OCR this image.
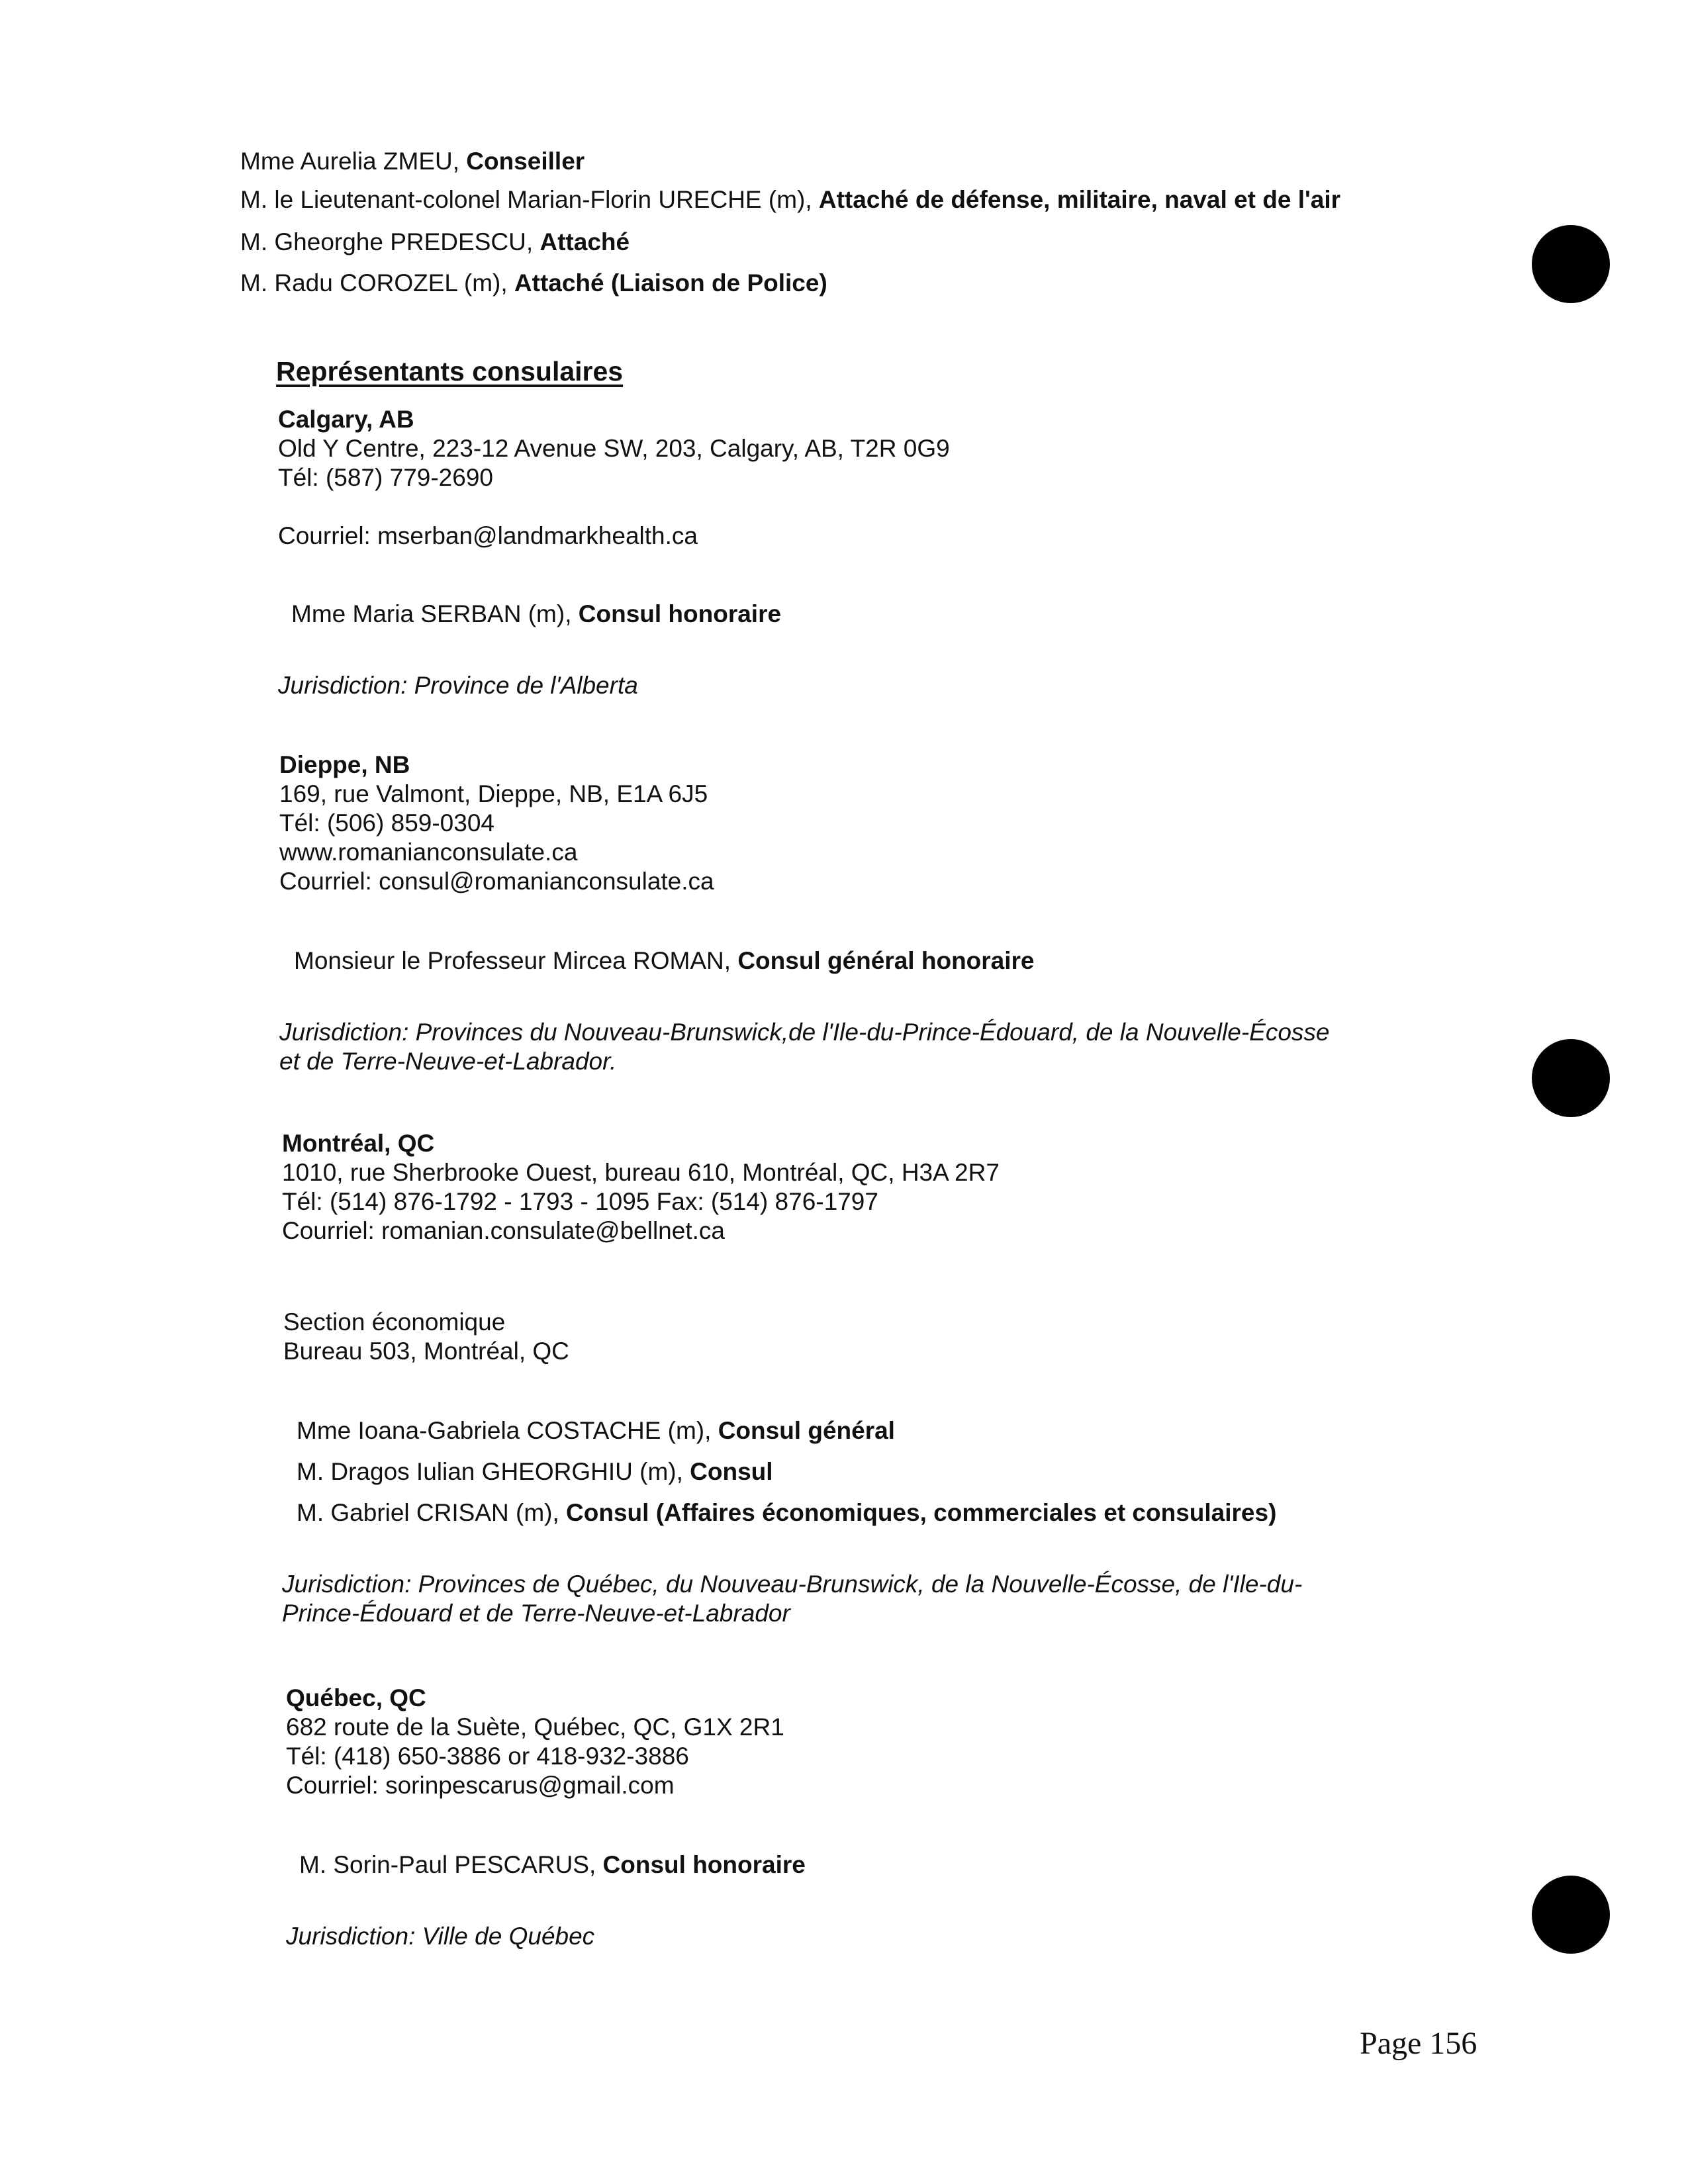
Mme Aurelia ZMEU, Conseiller
M. le Lieutenant-colonel Marian-Florin URECHE (m), Attaché de défense, militaire, naval et de l'air
M. Gheorghe PREDESCU, Attaché
M. Radu COROZEL (m), Attaché (Liaison de Police)
Représentants consulaires
Calgary, AB
Old Y Centre, 223-12 Avenue SW, 203, Calgary, AB, T2R 0G9
Tél: (587) 779-2690
Courriel: mserban@landmarkhealth.ca
Mme Maria SERBAN (m), Consul honoraire
Jurisdiction: Province de l'Alberta
Dieppe, NB
169, rue Valmont, Dieppe, NB, E1A 6J5
Tél: (506) 859-0304
www.romanianconsulate.ca
Courriel: consul@romanianconsulate.ca
Monsieur le Professeur Mircea ROMAN, Consul général honoraire
Jurisdiction: Provinces du Nouveau-Brunswick,de l'Ile-du-Prince-Édouard, de la Nouvelle-Écosse
et de Terre-Neuve-et-Labrador.
Montréal, QC
1010, rue Sherbrooke Ouest, bureau 610, Montréal, QC, H3A 2R7
Tél: (514) 876-1792 - 1793 - 1095 Fax: (514) 876-1797
Courriel: romanian.consulate@bellnet.ca
Section économique
Bureau 503, Montréal, QC
Mme Ioana-Gabriela COSTACHE (m), Consul général
M. Dragos Iulian GHEORGHIU (m), Consul
M. Gabriel CRISAN (m), Consul (Affaires économiques, commerciales et consulaires)
Jurisdiction: Provinces de Québec, du Nouveau-Brunswick, de la Nouvelle-Écosse, de l'Ile-du-
Prince-Édouard et de Terre-Neuve-et-Labrador
Québec, QC
682 route de la Suète, Québec, QC, G1X 2R1
Tél: (418) 650-3886 or 418-932-3886
Courriel: sorinpescarus@gmail.com
M. Sorin-Paul PESCARUS, Consul honoraire
Jurisdiction: Ville de Québec
Page 156
